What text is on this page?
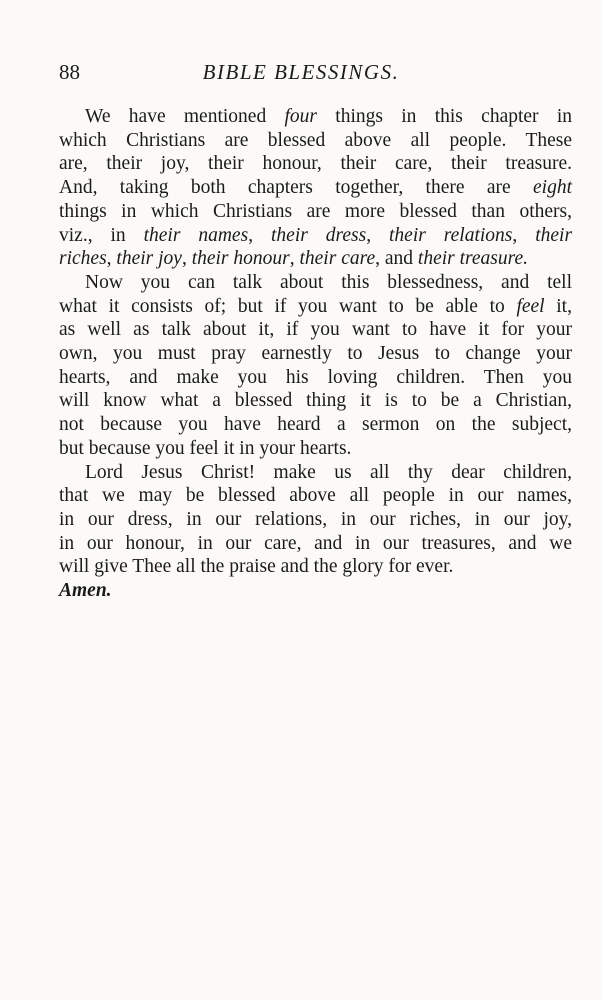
88	BIBLE BLESSINGS.
We have mentioned four things in this chapter in
which Christians are blessed above all people. These
are, their joy, their honour, their care, their treasure.
And, taking both chapters together, there are eight
things in which Christians are more blessed than others,
viz., in their names, their dress, their relations, their
riches, their joy, their honour, their care, and their treasure.
Now you can talk about this blessedness, and tell
what it consists of; but if you want to be able to feel it,
as well as talk about it, if you want to have it for your
own, you must pray earnestly to Jesus to change your
hearts, and make you his loving children. Then you
will know what a blessed thing it is to be a Christian,
not because you have heard a sermon on the subject,
but because you feel it in your hearts.
Lord Jesus Christ! make us all thy dear children,
that we may be blessed above all people in our names,
in our dress, in our relations, in our riches, in our joy,
in our honour, in our care, and in our treasures, and we
will give Thee all the praise and the glory for ever.
Amen.
